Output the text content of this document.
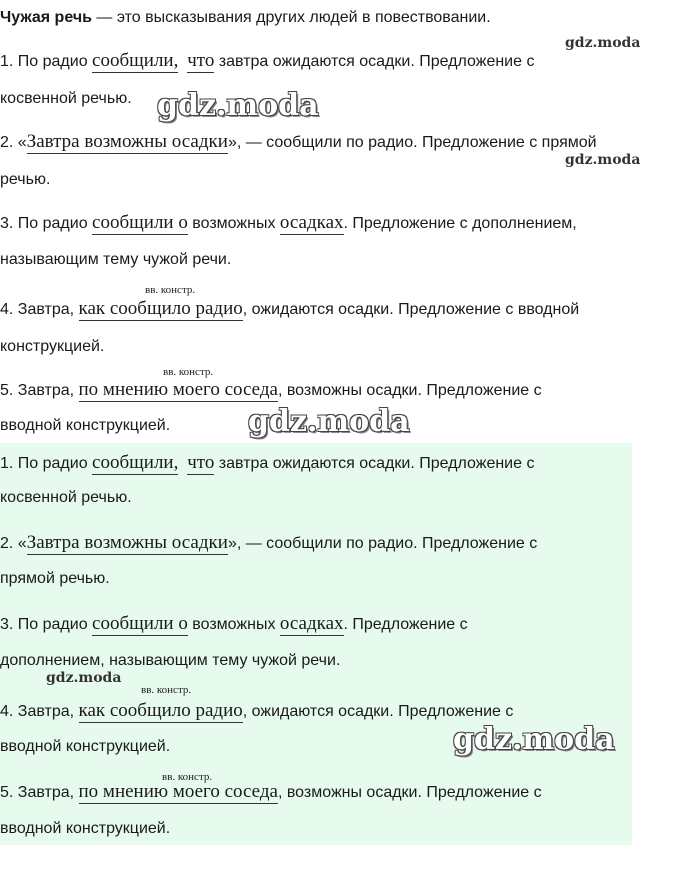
Чужая речь — это высказывания других людей в повествовании.
1. По радио сообщили, что завтра ожидаются осадки. Предложение с
косвенной речью.
2. «Завтра возможны осадки», — сообщили по радио. Предложение с прямой
речью.
3. По радио сообщили о возможных осадках. Предложение с дополнением,
называющим тему чужой речи.
вв. констр.
4. Завтра, как сообщило радио, ожидаются осадки. Предложение с вводной
конструкцией.
вв. констр.
5. Завтра, по мнению моего соседа, возможны осадки. Предложение с
вводной конструкцией.
1. По радио сообщили, что завтра ожидаются осадки. Предложение с
косвенной речью.
2. «Завтра возможны осадки», — сообщили по радио. Предложение с
прямой речью.
3. По радио сообщили о возможных осадках. Предложение с
дополнением, называющим тему чужой речи.
вв. констр.
4. Завтра, как сообщило радио, ожидаются осадки. Предложение с
вводной конструкцией.
вв. констр.
5. Завтра, по мнению моего соседа, возможны осадки. Предложение с
вводной конструкцией.
gdz.moda
gdz.moda
gdz.moda
gdz.moda
gdz.moda
gdz.moda
